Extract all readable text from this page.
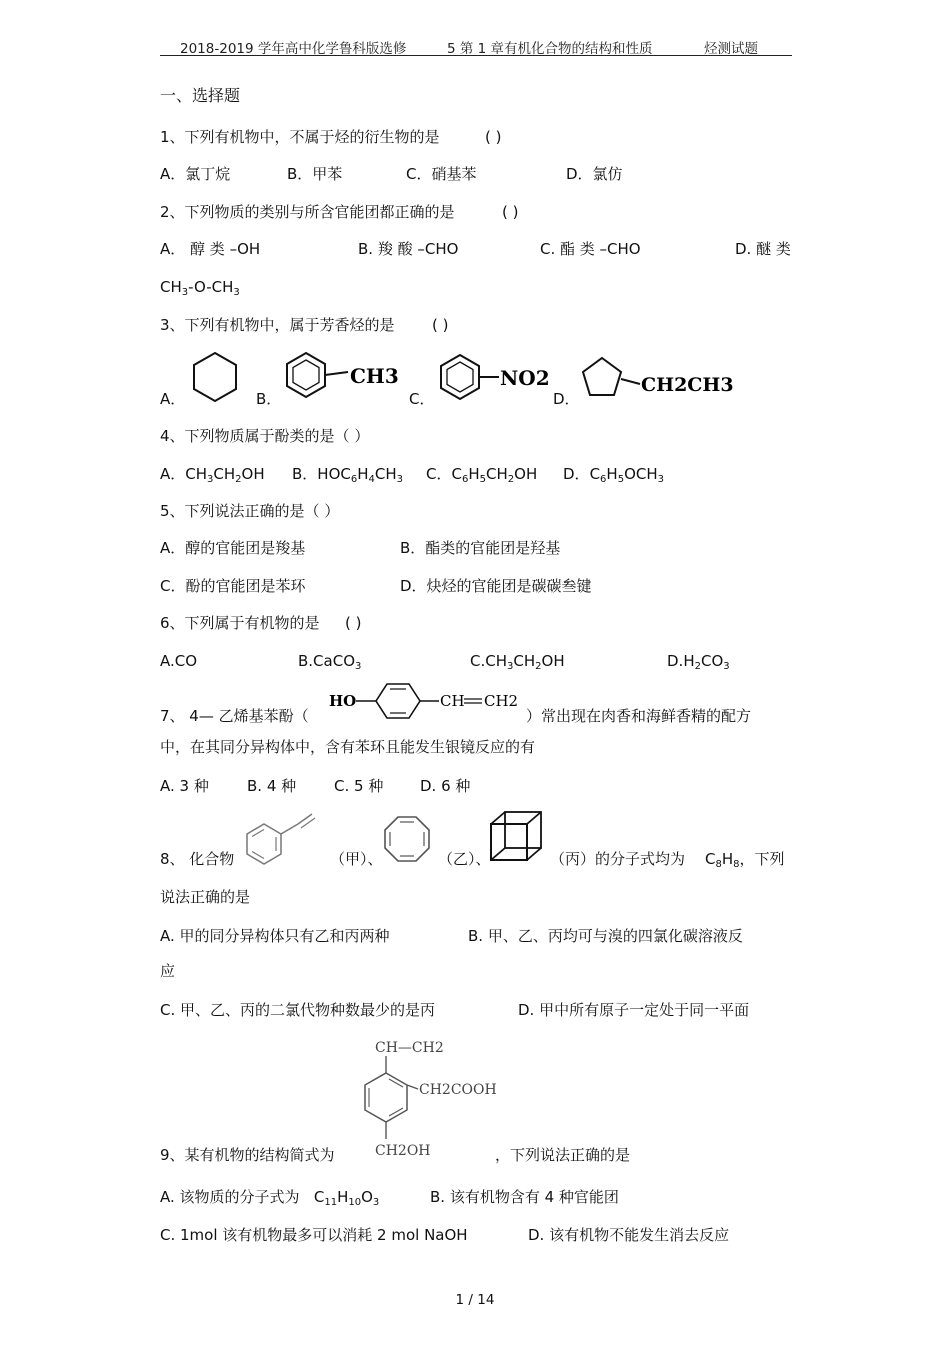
2018-2019 学年高中化学鲁科版选修	5 第 1 章有机化合物的结构和性质	烃测试题
一、选择题
1、下列有机物中，不属于烃的衍生物的是	( )
A．氯丁烷	B．甲苯	C．硝基苯	D．氯仿
2、下列物质的类别与所含官能团都正确的是	( )
A． 醇 类 –OH	B. 羧 酸 –CHO	C. 酯 类 –CHO	D. 醚 类
$CH_3-O-CH_3$
3、下列有机物中，属于芳香烃的是 ( )
A．	B．	C．	D．
CH3	NO2	CH2CH3
4、下列物质属于酚类的是（ ）
A．$CH_3CH_2OH$ B．$HOC_6H_4CH_3$ C．$C_6H_5CH_2OH$ D．$C_6H_5OCH_3$
5、下列说法正确的是（ ）
A．醇的官能团是羧基	B．酯类的官能团是羟基
C．酚的官能团是苯环	D．炔烃的官能团是碳碳叁键
6、下列属于有机物的是 ( )
A.CO	B.CaCO$_3$	$C.CH_3CH_2OH$	$D.H_2CO_3$
7、 4— 乙烯基苯酚（
HO	CH CH2
）常出现在肉香和海鲜香精的配方
中，在其同分异构体中，含有苯环且能发生银镜反应的有
A. 3 种	B. 4 种	C. 5 种 D. 6 种
8、 化合物	（甲）、	（乙）、	（丙）的分子式均为 $C_8H_8$，下列
说法正确的是
A. 甲的同分异构体只有乙和丙两种	B. 甲、乙、丙均可与溴的四氯化碳溶液反
应
C. 甲、乙、丙的二氯代物种数最少的是丙	D. 甲中所有原子一定处于同一平面
CH—CH2
CH2COOH
CH2OH
9、某有机物的结构简式为	，下列说法正确的是
A. 该物质的分子式为 $C_{11}H_{10}O_3$	B. 该有机物含有 4 种官能团
C. 1mol 该有机物最多可以消耗 2 mol NaOH	D. 该有机物不能发生消去反应
1 / 14
